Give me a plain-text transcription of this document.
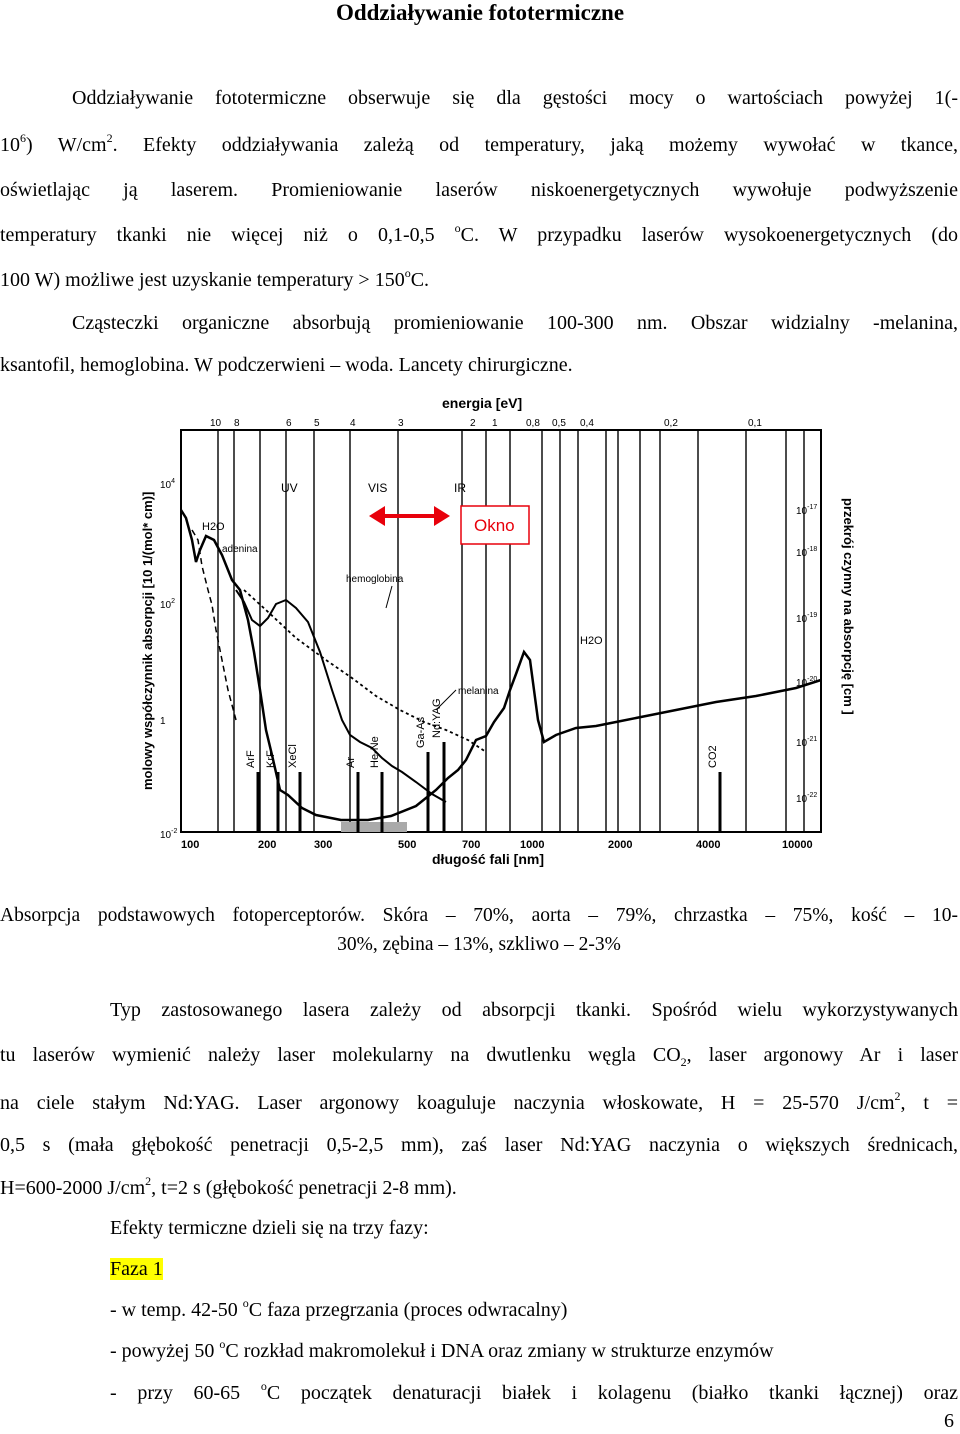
Oddziaływanie fototermiczne
Oddziaływanie fototermiczne obserwuje się dla gęstości mocy o wartościach powyżej 1(-
$10^6$) $W/cm^2$. Efekty oddziaływania zależą od temperatury, jaką możemy wywołać w tkance,
oświetlając ją laserem. Promieniowanie laserów niskoenergetycznych wywołuje podwyższenie
temperatury tkanki nie więcej niż o 0,1-0,5 $^o$C. W przypadku laserów wysokoenergetycznych (do
100 W) możliwe jest uzyskanie temperatury > $150^oC$.
Cząsteczki organiczne absorbują promieniowanie 100-300 nm. Obszar widzialny -melanina,
ksantofil, hemoglobina. W podczerwieni – woda. Lancety chirurgiczne.
energia [eV]
długość fali [nm]
molowy współczynnik absorpcji [10 1/(mol* cm)]	przekrój czynny na absorpcję [cm ]
10 8	6 5	4	3	2 1	0,8 0,5 0,4	0,2	0,1
100	200	300	500	700	1000	2000	4000	10000
$10^4$
$10^2$
1
$10^{-2}$
$10^{-17}$
$10^{-18}$
$10^{-19}$
$10^{-20}$
$10^{-21}$
$10^{-22}$
UV	VIS	IR
Okno
H2O
adenina
hemoglobina
melanina
H2O
ArF KrF XeCl	Ar He-Ne
Ga-As Nd:YAG
CO2
Absorpcja podstawowych fotoperceptorów. Skóra – 70%, aorta – 79%, chrzastka – 75%, kość – 10-
30%, zębina – 13%, szkliwo – 2-3%
Typ zastosowanego lasera zależy od absorpcji tkanki. Spośród wielu wykorzystywanych
tu laserów wymienić należy laser molekularny na dwutlenku węgla $CO_2$, laser argonowy Ar i laser
na ciele stałym Nd:YAG. Laser argonowy koaguluje naczynia włoskowate, H = 25-570 $J/cm^2$, t =
0,5 s (mała głębokość penetracji 0,5-2,5 mm), zaś laser Nd:YAG naczynia o większych średnicach,
H=600-2000 $J/cm^2$, t=2 s (głębokość penetracji 2-8 mm).
Efekty termiczne dzieli się na trzy fazy:
Faza 1
- w temp. 42-50 $^o$C faza przegrzania (proces odwracalny)
- powyżej 50 $^o$C rozkład makromolekuł i DNA oraz zmiany w strukturze enzymów
- przy 60-65 $^o$C początek denaturacji białek i kolagenu (białko tkanki łącznej) oraz
6
